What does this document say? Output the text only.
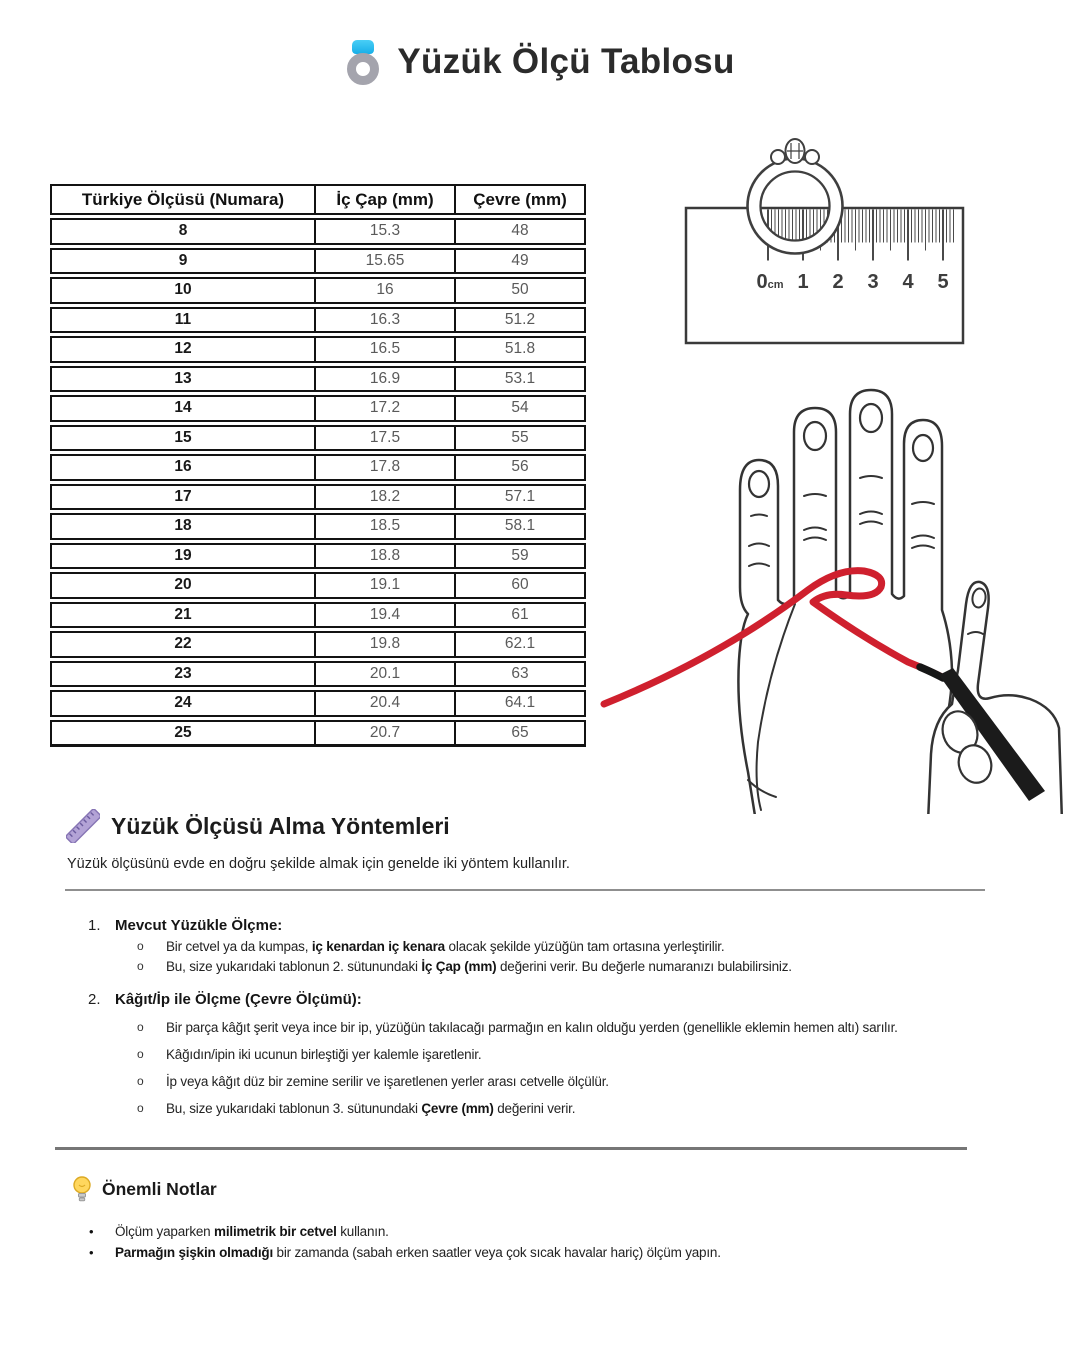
Yüzük Ölçü Tablosu
Türkiye Ölçüsü (Numara)	İç Çap (mm)	Çevre (mm)
8	15.3	48
9	15.65	49
10	16	50
11	16.3	51.2
12	16.5	51.8
13	16.9	53.1
14	17.2	54
15	17.5	55
16	17.8	56
17	18.2	57.1
18	18.5	58.1
19	18.8	59
20	19.1	60
21	19.4	61
22	19.8	62.1
23	20.1	63
24	20.4	64.1
25	20.7	65
0cm 1 2 3 4 5
Yüzük Ölçüsü Alma Yöntemleri
Yüzük ölçüsünü evde en doğru şekilde almak için genelde iki yöntem kullanılır.
1. Mevcut Yüzükle Ölçme:
o	Bir cetvel ya da kumpas, iç kenardan iç kenara olacak şekilde yüzüğün tam ortasına yerleştirilir.
o	Bu, size yukarıdaki tablonun 2. sütunundaki İç Çap (mm) değerini verir. Bu değerle numaranızı bulabilirsiniz.
2. Kâğıt/İp ile Ölçme (Çevre Ölçümü):
o	Bir parça kâğıt şerit veya ince bir ip, yüzüğün takılacağı parmağın en kalın olduğu yerden (genellikle eklemin hemen altı) sarılır.
o	Kâğıdın/ipin iki ucunun birleştiği yer kalemle işaretlenir.
o	İp veya kâğıt düz bir zemine serilir ve işaretlenen yerler arası cetvelle ölçülür.
o	Bu, size yukarıdaki tablonun 3. sütunundaki Çevre (mm) değerini verir.
Önemli Notlar
•	Ölçüm yaparken milimetrik bir cetvel kullanın.
•	Parmağın şişkin olmadığı bir zamanda (sabah erken saatler veya çok sıcak havalar hariç) ölçüm yapın.
